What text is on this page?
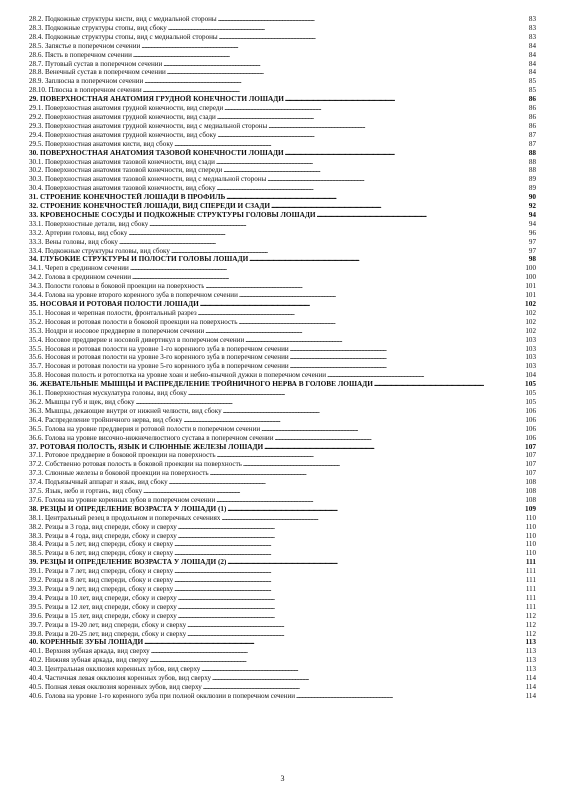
28.2. Подкожные структуры кисти, вид с медиальной стороны . . .	83
28.3. Подкожные структуры стопы, вид сбоку . . .	83
28.4. Подкожные структуры стопы, вид с медиальной стороны . . .	83
28.5. Запястье в поперечном сечении . . .	84
28.6. Пясть в поперечном сечении . . .	84
28.7. Путовый сустав в поперечном сечении . . .	84
28.8. Венечный сустав в поперечном сечении . . .	84
28.9. Заплюсна в поперечном сечении . . .	85
28.10. Плюсна в поперечном сечении . . .	85
29. ПОВЕРХНОСТНАЯ АНАТОМИЯ ГРУДНОЙ КОНЕЧНОСТИ ЛОШАДИ . . .	86
29.1. Поверхностная анатомия грудной конечности, вид спереди . . .	86
29.2. Поверхностная анатомия грудной конечности, вид сзади . . .	86
29.3. Поверхностная анатомия грудной конечности, вид с медиальной стороны . . .	86
29.4. Поверхностная анатомия грудной конечности, вид сбоку . . .	87
29.5. Поверхностная анатомия кисти, вид сбоку . . .	87
30. ПОВЕРХНОСТНАЯ АНАТОМИЯ ТАЗОВОЙ КОНЕЧНОСТИ ЛОШАДИ . . .	88
30.1. Поверхностная анатомия тазовой конечности, вид сзади . . .	88
30.2. Поверхностная анатомия тазовой конечности, вид спереди . . .	88
30.3. Поверхностная анатомия тазовой конечности, вид с медиальной стороны . . .	89
30.4. Поверхностная анатомия тазовой конечности, вид сбоку . . .	89
31. СТРОЕНИЕ КОНЕЧНОСТЕЙ ЛОШАДИ В ПРОФИЛЬ . . .	90
32. СТРОЕНИЕ КОНЕЧНОСТЕЙ ЛОШАДИ, ВИД СПЕРЕДИ И СЗАДИ . . .	92
33. КРОВЕНОСНЫЕ СОСУДЫ И ПОДКОЖНЫЕ СТРУКТУРЫ ГОЛОВЫ ЛОШАДИ . . .	94
33.1. Поверхностные детали, вид сбоку . . .	94
33.2. Артерии головы, вид сбоку . . .	96
33.3. Вены головы, вид сбоку . . .	97
33.4. Подкожные структуры головы, вид сбоку . . .	97
34. ГЛУБОКИЕ СТРУКТУРЫ И ПОЛОСТИ ГОЛОВЫ ЛОШАДИ . . .	98
34.1. Череп в срединном сечении . . .	100
34.2. Голова в срединном сечении . . .	100
34.3. Полости головы в боковой проекции на поверхность . . .	101
34.4. Голова на уровне второго коренного зуба в поперечном сечении . . .	101
35. НОСОВАЯ И РОТОВАЯ ПОЛОСТИ ЛОШАДИ . . .	102
35.1. Носовая и черепная полости, фронтальный разрез . . .	102
35.2. Носовая и ротовая полости в боковой проекции на поверхность . . .	102
35.3. Ноздри и носовое преддверие в поперечном сечении . . .	102
35.4. Носовое преддверие и носовой дивертикул в поперечном сечении . . .	103
35.5. Носовая и ротовая полости на уровне 1-го коренного зуба в поперечном сечении . . .	103
35.6. Носовая и ротовая полости на уровне 3-го коренного зуба в поперечном сечении . . .	103
35.7. Носовая и ротовая полости на уровне 5-го коренного зуба в поперечном сечении . . .	103
35.8. Носовая полость и ротоглотка на уровне хоан и небно-язычной дужки в поперечном сечении . . .	104
36. ЖЕВАТЕЛЬНЫЕ МЫШЦЫ И РАСПРЕДЕЛЕНИЕ ТРОЙНИЧНОГО НЕРВА В ГОЛОВЕ ЛОШАДИ . . .	105
36.1. Поверхностная мускулатура головы, вид сбоку . . .	105
36.2. Мышцы губ и щек, вид сбоку . . .	105
36.3. Мышцы, декающие внутри от нижней челюсти, вид сбоку . . .	106
36.4. Распределение тройничного нерва, вид сбоку . . .	106
36.5. Голова на уровне преддверия и ротовой полости в поперечном сечении . . .	106
36.6. Голова на уровне височно-нижнечелюстного сустава в поперечном сечении . . .	106
37. РОТОВАЯ ПОЛОСТЬ, ЯЗЫК И СЛЮННЫЕ ЖЕЛЕЗЫ ЛОШАДИ . . .	107
37.1. Ротовое преддверие в боковой проекции на поверхность . . .	107
37.2. Собственно ротовая полость в боковой проекции на поверхность . . .	107
37.3. Слюнные железы в боковой проекции на поверхность . . .	107
37.4. Подъязычный аппарат и язык, вид сбоку . . .	108
37.5. Язык, небо и гортань, вид сбоку . . .	108
37.6. Голова на уровне коренных зубов в поперечном сечении . . .	108
38. РЕЗЦЫ И ОПРЕДЕЛЕНИЕ ВОЗРАСТА У ЛОШАДИ (1) . . .	109
38.1. Центральный резец в продольном и поперечных сечениях . . .	110
38.2. Резцы в 3 года, вид спереди, сбоку и сверху . . .	110
38.3. Резцы в 4 года, вид спереди, сбоку и сверху . . .	110
38.4. Резцы в 5 лет, вид спереди, сбоку и сверху . . .	110
38.5. Резцы в 6 лет, вид спереди, сбоку и сверху . . .	110
39. РЕЗЦЫ И ОПРЕДЕЛЕНИЕ ВОЗРАСТА У ЛОШАДИ (2) . . .	111
39.1. Резцы в 7 лет, вид спереди, сбоку и сверху . . .	111
39.2. Резцы в 8 лет, вид спереди, сбоку и сверху . . .	111
39.3. Резцы в 9 лет, вид спереди, сбоку и сверху . . .	111
39.4. Резцы в 10 лет, вид спереди, сбоку и сверху . . .	111
39.5. Резцы в 12 лет, вид спереди, сбоку и сверху . . .	111
39.6. Резцы в 15 лет, вид спереди, сбоку и сверху . . .	112
39.7. Резцы в 19-20 лет, вид спереди, сбоку и сверху . . .	112
39.8. Резцы в 20-25 лет, вид спереди, сбоку и сверху . . .	112
40. КОРЕННЫЕ ЗУБЫ ЛОШАДИ . . .	113
40.1. Верхняя зубная аркада, вид сверху . . .	113
40.2. Нижняя зубная аркада, вид сверху . . .	113
40.3. Центральная окклюзия коренных зубов, вид сверху . . .	113
40.4. Частичная левая окклюзия коренных зубов, вид сверху . . .	114
40.5. Полная левая окклюзия коренных зубов, вид сверху . . .	114
40.6. Голова на уровне 1-го коренного зуба при полной окклюзии в поперечном сечении . . .	114
3
